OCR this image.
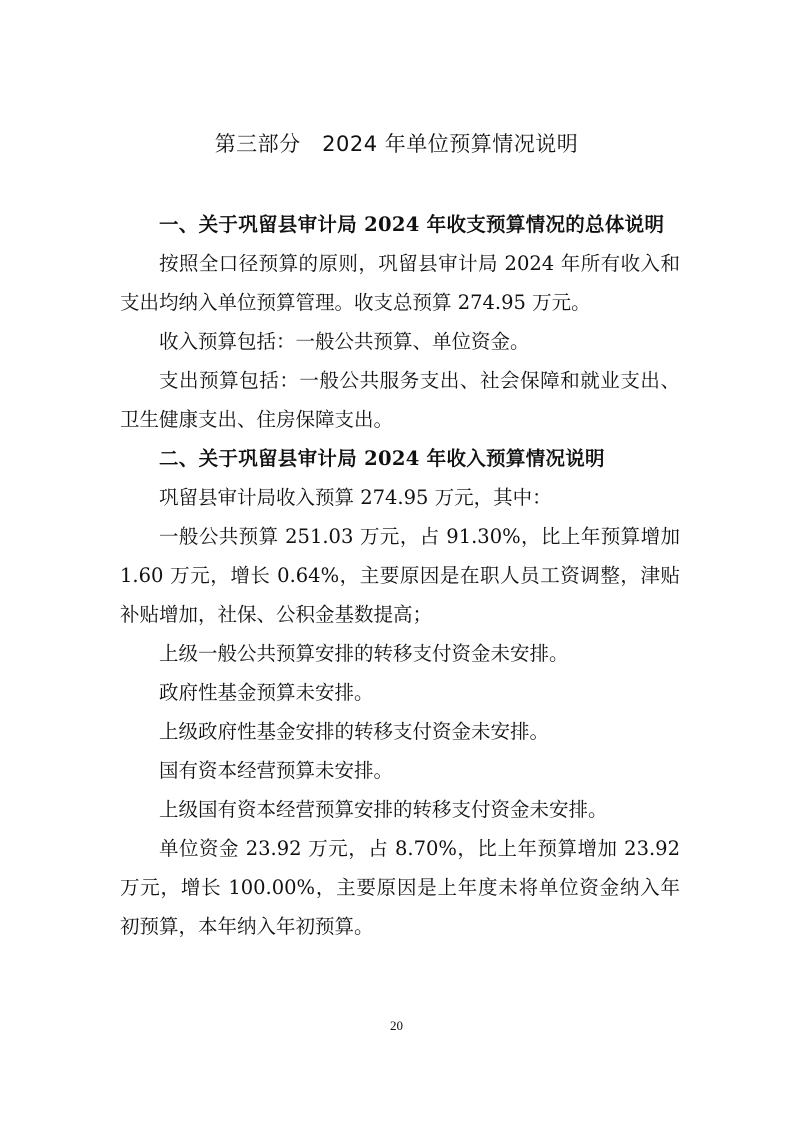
第三部分　2024 年单位预算情况说明

一、关于巩留县审计局 2024 年收支预算情况的总体说明

按照全口径预算的原则，巩留县审计局 2024 年所有收入和支出均纳入单位预算管理。收支总预算 274.95 万元。

收入预算包括：一般公共预算、单位资金。

支出预算包括：一般公共服务支出、社会保障和就业支出、卫生健康支出、住房保障支出。

二、关于巩留县审计局 2024 年收入预算情况说明

巩留县审计局收入预算 274.95 万元，其中：

一般公共预算 251.03 万元，占 91.30%，比上年预算增加 1.60 万元，增长 0.64%，主要原因是在职人员工资调整，津贴补贴增加，社保、公积金基数提高；

上级一般公共预算安排的转移支付资金未安排。

政府性基金预算未安排。

上级政府性基金安排的转移支付资金未安排。

国有资本经营预算未安排。

上级国有资本经营预算安排的转移支付资金未安排。

单位资金 23.92 万元，占 8.70%，比上年预算增加 23.92 万元，增长 100.00%，主要原因是上年度未将单位资金纳入年初预算，本年纳入年初预算。

20
